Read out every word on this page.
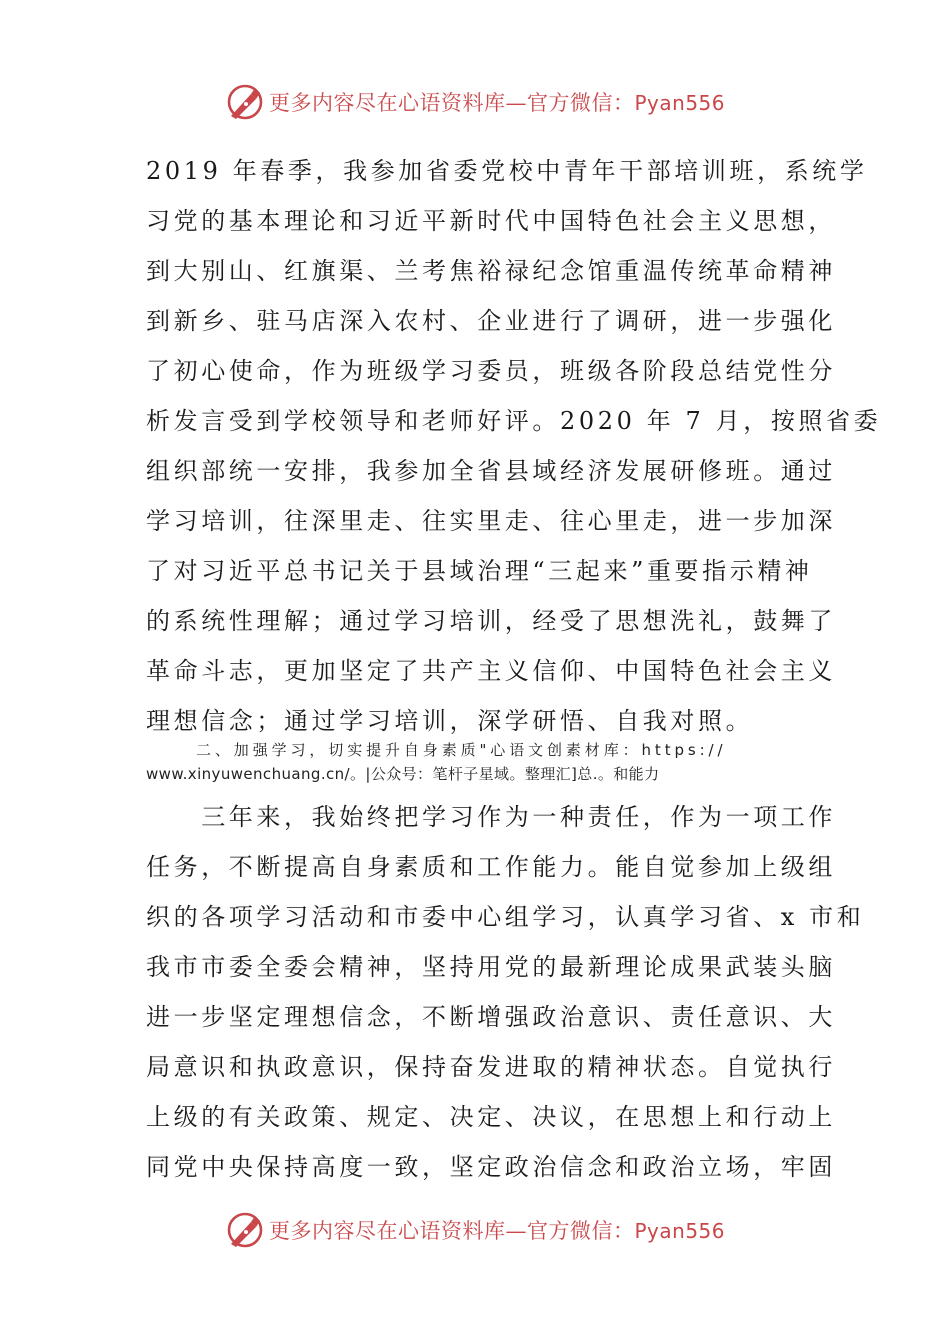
更多内容尽在心语资料库—官方微信：Pyan556

2019 年春季，我参加省委党校中青年干部培训班，系统学
习党的基本理论和习近平新时代中国特色社会主义思想，
到大别山、红旗渠、兰考焦裕禄纪念馆重温传统革命精神
到新乡、驻马店深入农村、企业进行了调研，进一步强化
了初心使命，作为班级学习委员，班级各阶段总结党性分
析发言受到学校领导和老师好评。2020 年 7 月，按照省委
组织部统一安排，我参加全省县域经济发展研修班。通过
学习培训，往深里走、往实里走、往心里走，进一步加深
了对习近平总书记关于县域治理“三起来”重要指示精神
的系统性理解；通过学习培训，经受了思想洗礼，鼓舞了
革命斗志，更加坚定了共产主义信仰、中国特色社会主义
理想信念；通过学习培训，深学研悟、自我对照。

二、加强学习，切实提升自身素质"心语文创素材库：https://
www.xinyuwenchuang.cn/。|公众号：笔杆子星域。整理汇]总.。和能力

　　三年来，我始终把学习作为一种责任，作为一项工作
任务，不断提高自身素质和工作能力。能自觉参加上级组
织的各项学习活动和市委中心组学习，认真学习省、x 市和
我市市委全委会精神，坚持用党的最新理论成果武装头脑
进一步坚定理想信念，不断增强政治意识、责任意识、大
局意识和执政意识，保持奋发进取的精神状态。自觉执行
上级的有关政策、规定、决定、决议，在思想上和行动上
同党中央保持高度一致，坚定政治信念和政治立场，牢固

更多内容尽在心语资料库—官方微信：Pyan556
